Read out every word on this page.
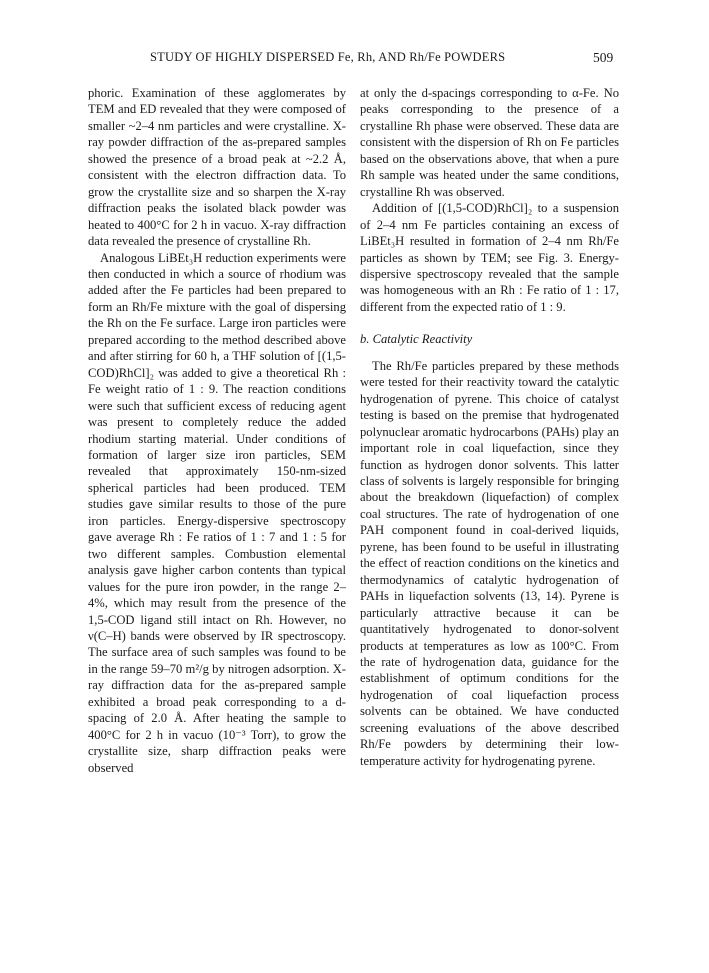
STUDY OF HIGHLY DISPERSED Fe, Rh, AND Rh/Fe POWDERS	509

phoric. Examination of these agglomerates by TEM and ED revealed that they were composed of smaller ~2–4 nm particles and were crystalline. X-ray powder diffraction of the as-prepared samples showed the presence of a broad peak at ~2.2 Å, consistent with the electron diffraction data. To grow the crystallite size and so sharpen the X-ray diffraction peaks the isolated black powder was heated to 400°C for 2 h in vacuo. X-ray diffraction data revealed the presence of crystalline Rh.

Analogous LiBEt₃H reduction experiments were then conducted in which a source of rhodium was added after the Fe particles had been prepared to form an Rh/Fe mixture with the goal of dispersing the Rh on the Fe surface. Large iron particles were prepared according to the method described above and after stirring for 60 h, a THF solution of [(1,5-COD)RhCl]₂ was added to give a theoretical Rh : Fe weight ratio of 1 : 9. The reaction conditions were such that sufficient excess of reducing agent was present to completely reduce the added rhodium starting material. Under conditions of formation of larger size iron particles, SEM revealed that approximately 150-nm-sized spherical particles had been produced. TEM studies gave similar results to those of the pure iron particles. Energy-dispersive spectroscopy gave average Rh : Fe ratios of 1 : 7 and 1 : 5 for two different samples. Combustion elemental analysis gave higher carbon contents than typical values for the pure iron powder, in the range 2–4%, which may result from the presence of the 1,5-COD ligand still intact on Rh. However, no ν(C–H) bands were observed by IR spectroscopy. The surface area of such samples was found to be in the range 59–70 m²/g by nitrogen adsorption. X-ray diffraction data for the as-prepared sample exhibited a broad peak corresponding to a d-spacing of 2.0 Å. After heating the sample to 400°C for 2 h in vacuo (10⁻³ Torr), to grow the crystallite size, sharp diffraction peaks were observed

at only the d-spacings corresponding to α-Fe. No peaks corresponding to the presence of a crystalline Rh phase were observed. These data are consistent with the dispersion of Rh on Fe particles based on the observations above, that when a pure Rh sample was heated under the same conditions, crystalline Rh was observed.

Addition of [(1,5-COD)RhCl]₂ to a suspension of 2–4 nm Fe particles containing an excess of LiBEt₃H resulted in formation of 2–4 nm Rh/Fe particles as shown by TEM; see Fig. 3. Energy-dispersive spectroscopy revealed that the sample was homogeneous with an Rh : Fe ratio of 1 : 17, different from the expected ratio of 1 : 9.

b. Catalytic Reactivity

The Rh/Fe particles prepared by these methods were tested for their reactivity toward the catalytic hydrogenation of pyrene. This choice of catalyst testing is based on the premise that hydrogenated polynuclear aromatic hydrocarbons (PAHs) play an important role in coal liquefaction, since they function as hydrogen donor solvents. This latter class of solvents is largely responsible for bringing about the breakdown (liquefaction) of complex coal structures. The rate of hydrogenation of one PAH component found in coal-derived liquids, pyrene, has been found to be useful in illustrating the effect of reaction conditions on the kinetics and thermodynamics of catalytic hydrogenation of PAHs in liquefaction solvents (13, 14). Pyrene is particularly attractive because it can be quantitatively hydrogenated to donor-solvent products at temperatures as low as 100°C. From the rate of hydrogenation data, guidance for the establishment of optimum conditions for the hydrogenation of coal liquefaction process solvents can be obtained. We have conducted screening evaluations of the above described Rh/Fe powders by determining their low-temperature activity for hydrogenating pyrene.
